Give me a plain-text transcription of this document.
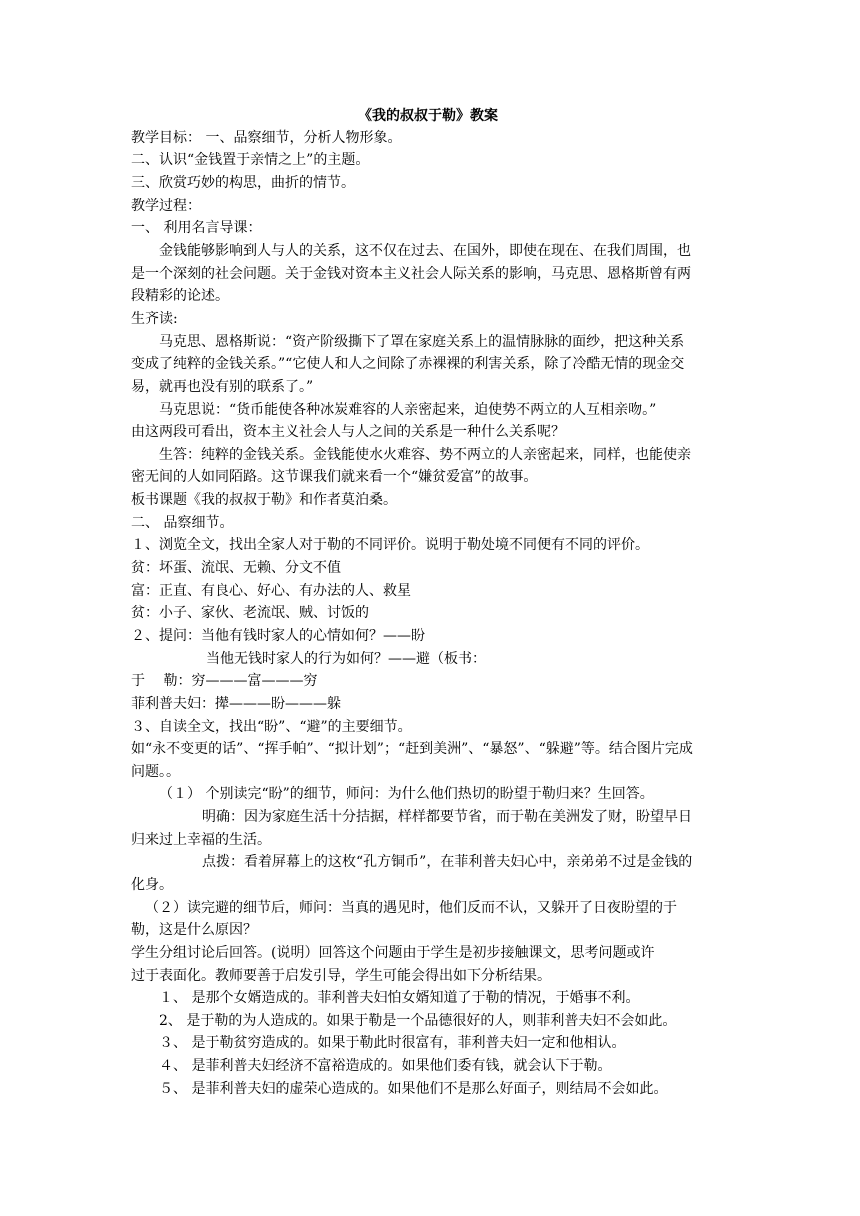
《我的叔叔于勒》教案
教学目标： 一、品察细节，分析人物形象。
二、认识“金钱置于亲情之上”的主题。
三、欣赏巧妙的构思，曲折的情节。
教学过程：
一、 利用名言导课：
金钱能够影响到人与人的关系，这不仅在过去、在国外，即使在现在、在我们周围，也
是一个深刻的社会问题。关于金钱对资本主义社会人际关系的影响，马克思、恩格斯曾有两
段精彩的论述。
生齐读:
马克思、恩格斯说：“资产阶级撕下了罩在家庭关系上的温情脉脉的面纱，把这种关系
变成了纯粹的金钱关系。”“它使人和人之间除了赤裸裸的利害关系，除了冷酷无情的现金交
易，就再也没有别的联系了。”
马克思说：“货币能使各种冰炭难容的人亲密起来，迫使势不两立的人互相亲吻。”
由这两段可看出，资本主义社会人与人之间的关系是一种什么关系呢？
生答：纯粹的金钱关系。金钱能使水火难容、势不两立的人亲密起来，同样，也能使亲
密无间的人如同陌路。这节课我们就来看一个“嫌贫爱富”的故事。
板书课题《我的叔叔于勒》和作者莫泊桑。
二、 品察细节。
１、浏览全文，找出全家人对于勒的不同评价。说明于勒处境不同便有不同的评价。
贫：坏蛋、流氓、无赖、分文不值
富：正直、有良心、好心、有办法的人、救星
贫：小子、家伙、老流氓、贼、讨饭的
２、提问：当他有钱时家人的心情如何？——盼
当他无钱时家人的行为如何？——避（板书：
于　 勒：穷———富———穷
菲利普夫妇：撵———盼———躲
３、自读全文，找出“盼”、“避”的主要细节。
如“永不变更的话”、“挥手帕”、“拟计划”；“赶到美洲”、“暴怒”、“躲避”等。结合图片完成
问题。。
（１） 个别读完“盼”的细节，师问：为什么他们热切的盼望于勒归来？生回答。
明确：因为家庭生活十分拮据，样样都要节省，而于勒在美洲发了财，盼望早日
归来过上幸福的生活。
点拨：看着屏幕上的这枚“孔方铜币”，在菲利普夫妇心中，亲弟弟不过是金钱的
化身。
（２）读完避的细节后，师问：当真的遇见时，他们反而不认，又躲开了日夜盼望的于
勒，这是什么原因？
学生分组讨论后回答。(说明）回答这个问题由于学生是初步接触课文，思考问题或许
过于表面化。教师要善于启发引导，学生可能会得出如下分析结果。
１、 是那个女婿造成的。菲利普夫妇怕女婿知道了于勒的情况，于婚事不利。
2、 是于勒的为人造成的。如果于勒是一个品德很好的人，则菲利普夫妇不会如此。
３、 是于勒贫穷造成的。如果于勒此时很富有，菲利普夫妇一定和他相认。
４、 是菲利普夫妇经济不富裕造成的。如果他们委有钱，就会认下于勒。
５、 是菲利普夫妇的虚荣心造成的。如果他们不是那么好面子，则结局不会如此。
